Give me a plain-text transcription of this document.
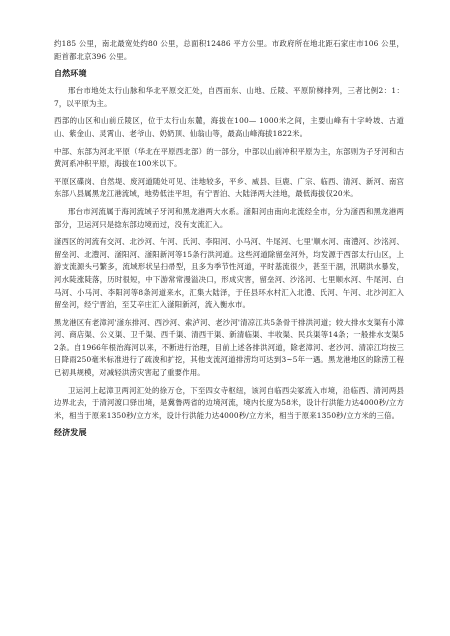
约185 公里，南北最宽处约80 公里，总面积12486 平方公里。市政府所在地北距石家庄市106 公里，距首都北京396 公里。

自然环境

邢台市地处太行山脉和华北平原交汇处，自西而东、山地、丘陵、平原阶梯排列，三者比例2：1：7，以平原为主。

西部的山区和山前丘陵区，位于太行山东麓，海拔在100— 1000米之间，主要山峰有十字岭坡、古道山、紫金山、灵霄山、老爷山、奶奶顶、仙翁山等，最高山峰海拔1822米。

中部、东部为河北平原（华北在平原西北部）的一部分，中部以山前冲积平原为主，东部则为子牙河和古黄河系冲积平原，海拔在100米以下。

平原区碟岗、自然堤、废河道随处可见、洼地较多，平乡、威县、巨鹿、广宗、临西、清河、新河、南宫东部八县属黑龙江港流域，地势低洼平坦，有宁晋泊、大陆泽两大洼地，最低海拔仅20米。

邢台市河流属于海河流域子牙河和黑龙港两大水系。滏阳河由南向北流经全市，分为滏西和黑龙港两部分，卫运河只是捻东部边境而过，没有支流汇入。

滏西区的河流有交河、北沙河、午河、氏河、李阳河、小马河、牛尾河、七里'顺水河、南澧河、沙洺河、留垒河、北澧河、滏阳河、滏阳新河等15条行洪河道。这些河道除留垒河外，均发源于西部太行山区，上游支流源头弓繁多，流域形状呈扫帚型，且多为季节性河道，平时基流很少，甚至干涸，汛期洪水暴发，河水陡涨陡落，历时很短，中下游常常漫溢决口，形成灾害，留垒河、沙洺河、七里顺水河、牛尾河、白马河、小马河、李阳河等8条河道来水，汇集大陆泽，于任县环水村汇入北澧、氏河、午河、北沙河汇入留垒河，经宁晋泊，至艾辛庄汇入滏阳新河，流入衡水市。

黑龙港区有老漳河'滏东排河、西沙河、索泸河、老沙河'清凉江共5条骨干排洪河道；较大排水支渠有小漳河、商店渠、公义渠、卫千渠、西千渠、清西干渠、新清临渠、丰收渠、民兵渠等14条；一般排水支渠52条。自1966年根治海河以来，不断进行治理，目前上述各排洪河道，除老漳河、老沙河、清凉江均按三日降雨250毫米标准进行了疏浚和扩挖，其他支流河道排涝均可达到3~5年一遇。黑龙港地区的除涝工程已初具规模，对减轻洪涝灾害起了重要作用。

卫运河上起漳卫两河汇处的徐万仓，下至四女寺枢纽，该河自临西尖冢流入市境，沿临西、清河两县边界北去，于清河渡口驿出境，是冀鲁两省的边境河流，境内长度为58米，设计行洪能力达4000秒/立方米，相当于原来1350秒/立方米，设计行洪能力达4000秒/立方米，相当于原来1350秒/立方米的三倍。

经济发展
